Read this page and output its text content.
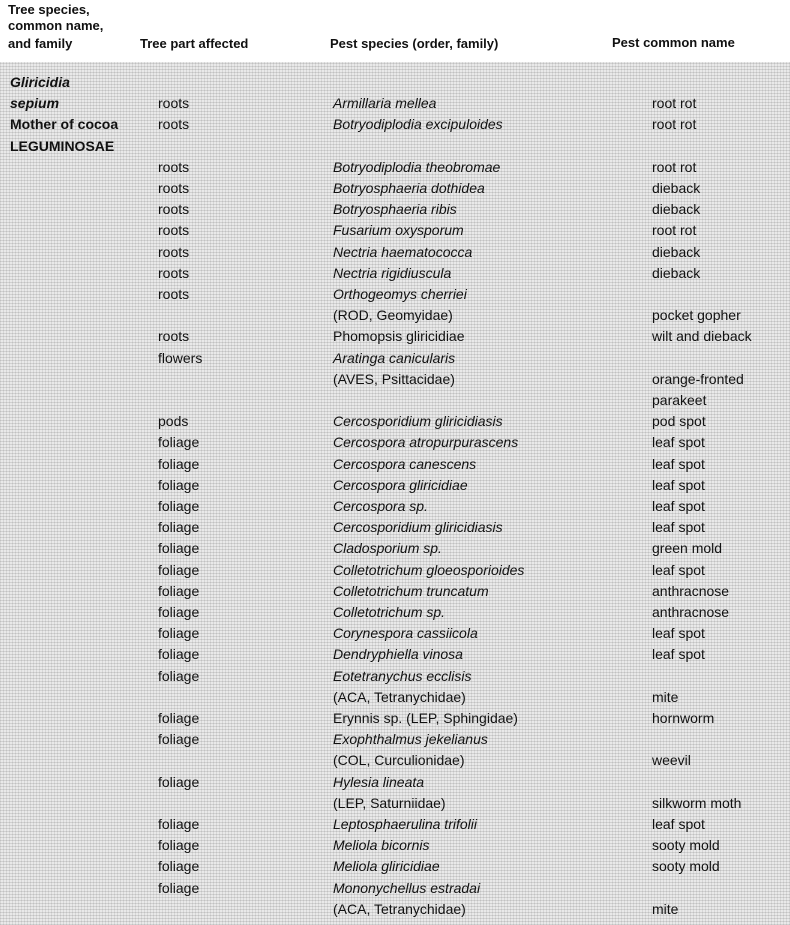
Tree species,
common name,
and family	Tree part affected	Pest species (order, family)	Pest common name
Gliricidia
sepium	roots	Armillaria mellea	root rot
Mother of cocoa	roots	Botryodiplodia excipuloides	root rot
LEGUMINOSAE
roots	Botryodiplodia theobromae	root rot
roots	Botryosphaeria dothidea	dieback
roots	Botryosphaeria ribis	dieback
roots	Fusarium oxysporum	root rot
roots	Nectria haematococca	dieback
roots	Nectria rigidiuscula	dieback
roots	Orthogeomys cherriei
(ROD, Geomyidae)	pocket gopher
roots	Phomopsis gliricidiae	wilt and dieback
flowers	Aratinga canicularis
(AVES, Psittacidae)	orange-fronted
parakeet
pods	Cercosporidium gliricidiasis	pod spot
foliage	Cercospora atropurpurascens	leaf spot
foliage	Cercospora canescens	leaf spot
foliage	Cercospora gliricidiae	leaf spot
foliage	Cercospora sp.	leaf spot
foliage	Cercosporidium gliricidiasis	leaf spot
foliage	Cladosporium sp.	green mold
foliage	Colletotrichum gloeosporioides	leaf spot
foliage	Colletotrichum truncatum	anthracnose
foliage	Colletotrichum sp.	anthracnose
foliage	Corynespora cassiicola	leaf spot
foliage	Dendryphiella vinosa	leaf spot
foliage	Eotetranychus ecclisis
(ACA, Tetranychidae)	mite
foliage	Erynnis sp. (LEP, Sphingidae)	hornworm
foliage	Exophthalmus jekelianus
(COL, Curculionidae)	weevil
foliage	Hylesia lineata
(LEP, Saturniidae)	silkworm moth
foliage	Leptosphaerulina trifolii	leaf spot
foliage	Meliola bicornis	sooty mold
foliage	Meliola gliricidiae	sooty mold
foliage	Mononychellus estradai
(ACA, Tetranychidae)	mite
